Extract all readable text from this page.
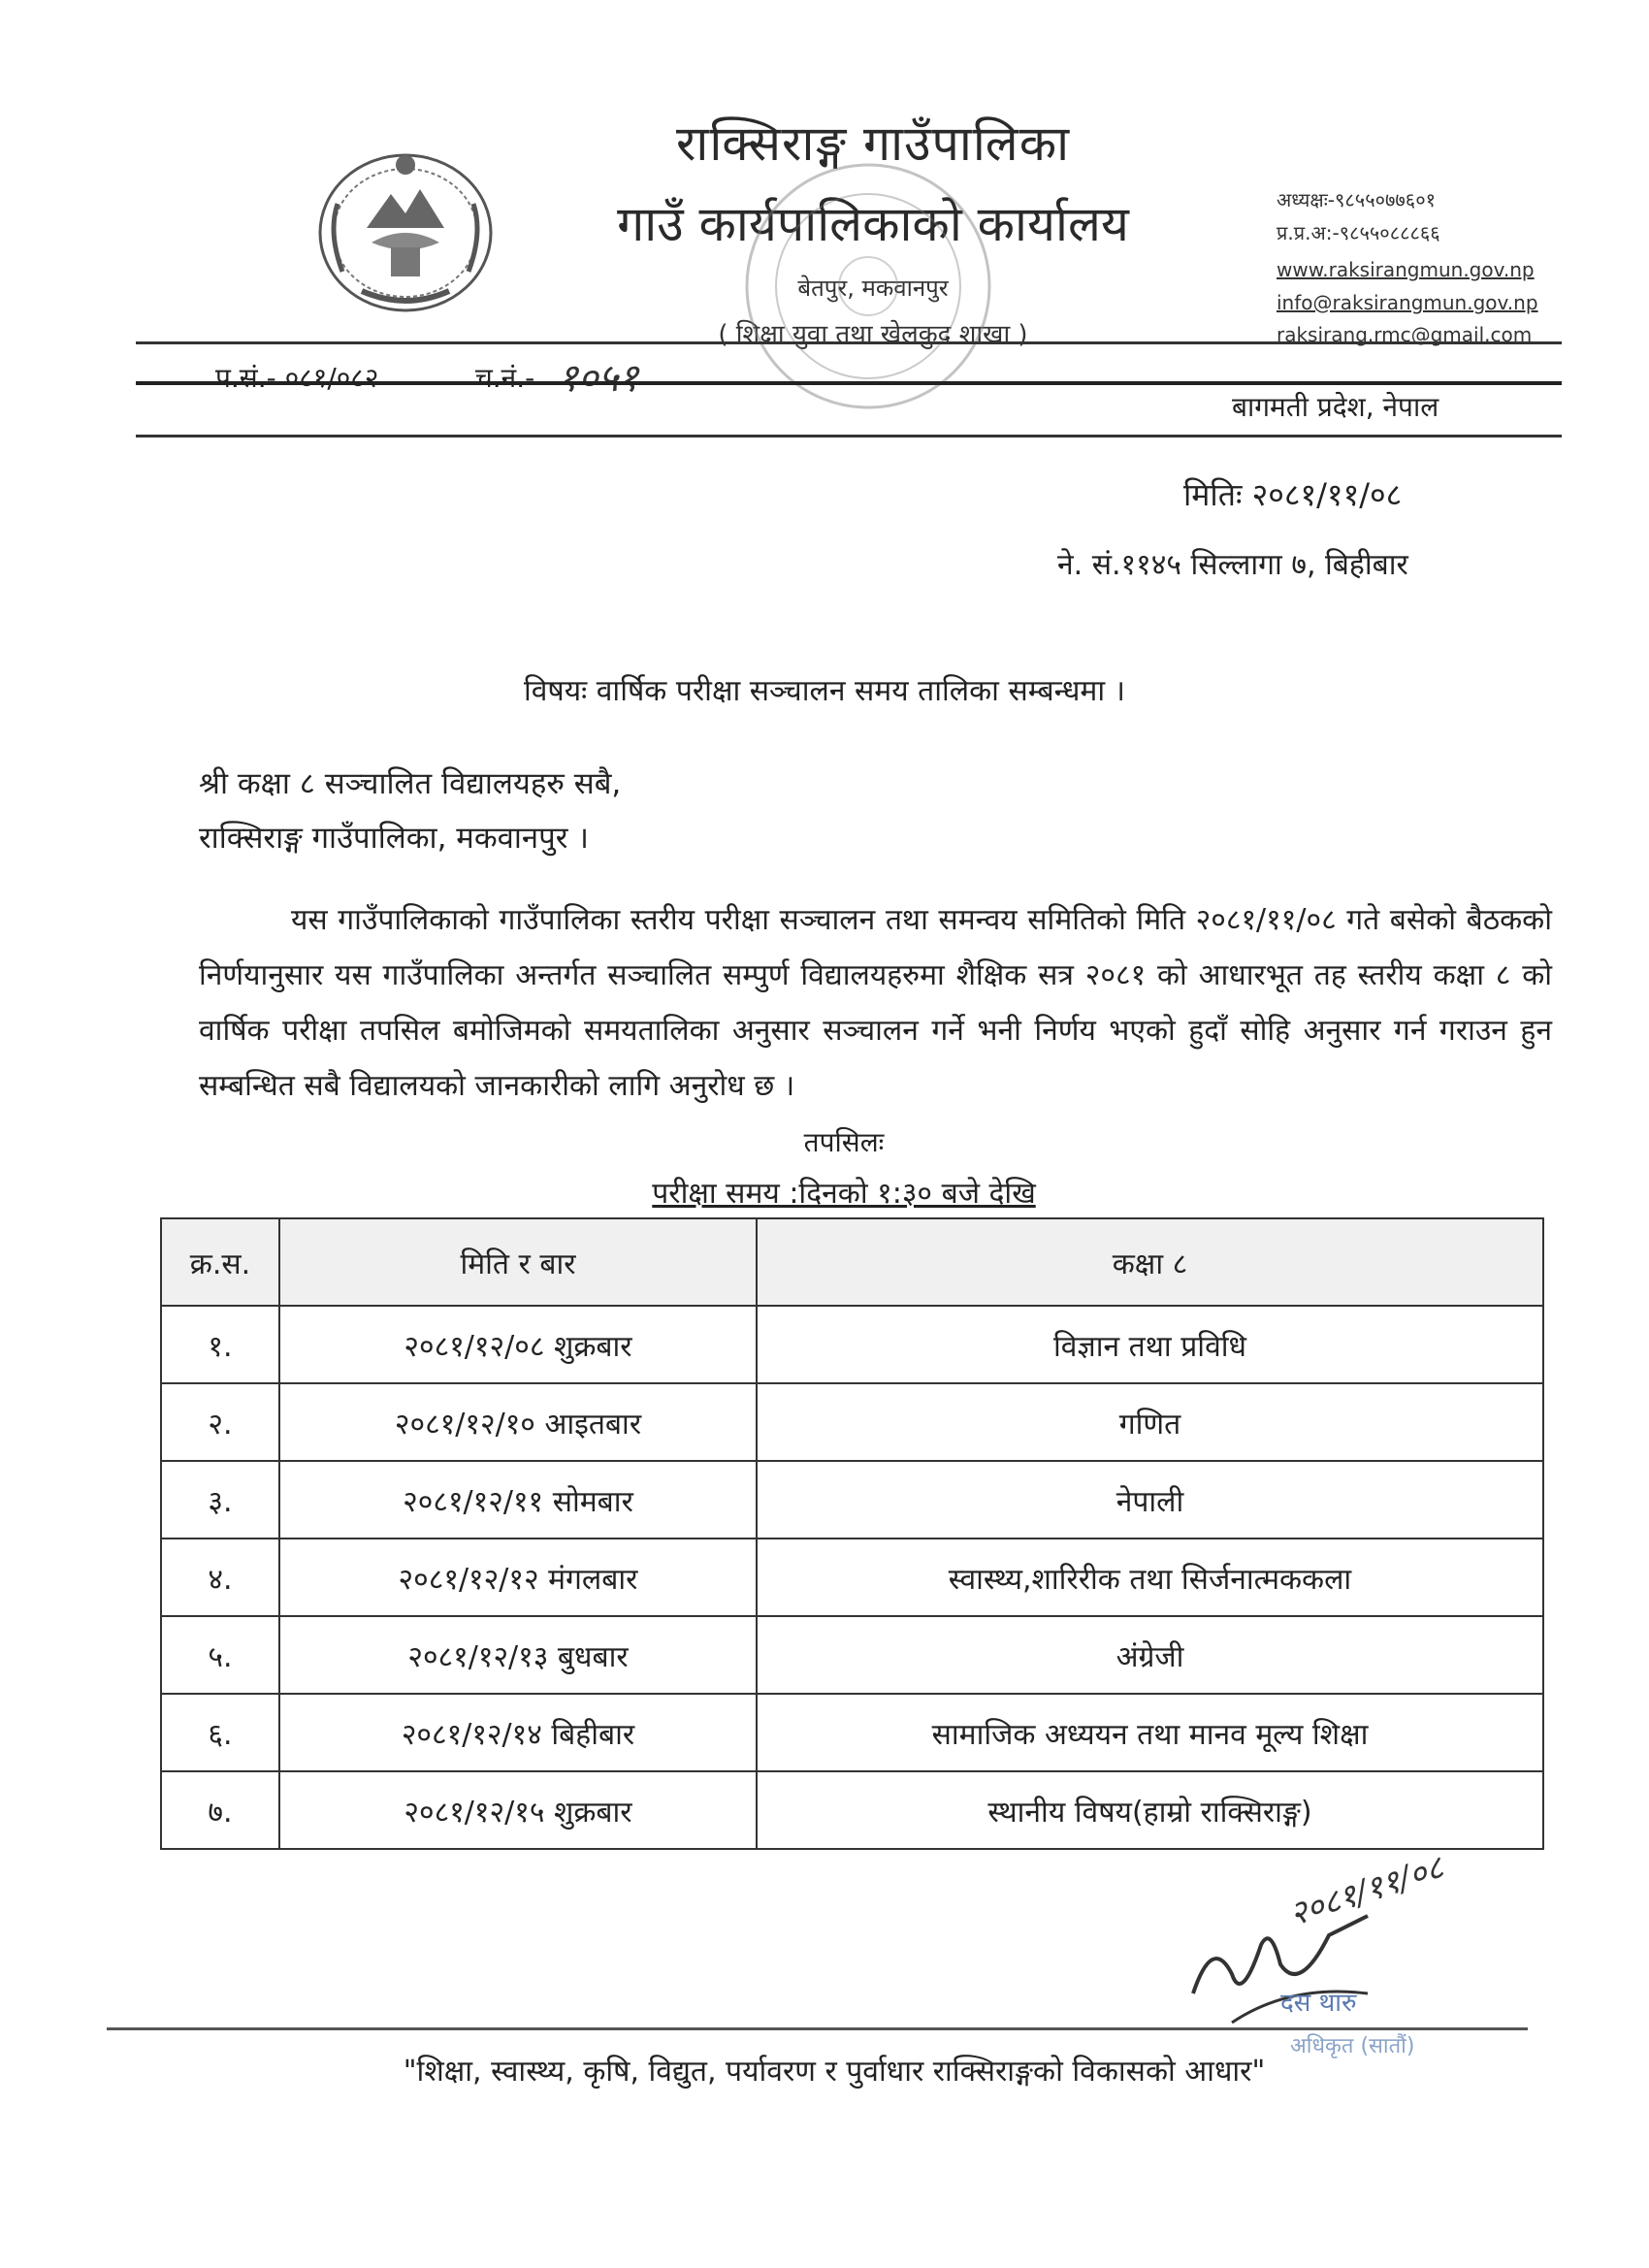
राक्सिराङ्ग गाउँपालिका
गाउँ कार्यपालिकाको कार्यालय
बेतपुर, मकवानपुर
( शिक्षा युवा तथा खेलकुद शाखा )
अध्यक्षः-९८५५०७७६०१
प्र.प्र.अ:-९८५५०८८८६६
www.raksirangmun.gov.np
info@raksirangmun.gov.np
raksirang.rmc@gmail.com
प.सं.- ०८१/०८२	च.नं.- १०५१
बागमती प्रदेश, नेपाल
मितिः २०८१/११/०८
ने. सं.११४५ सिल्लागा ७, बिहीबार
विषयः वार्षिक परीक्षा सञ्चालन समय तालिका सम्बन्धमा ।
श्री कक्षा ८ सञ्चालित विद्यालयहरु सबै,
राक्सिराङ्ग गाउँपालिका, मकवानपुर ।
यस गाउँपालिकाको गाउँपालिका स्तरीय परीक्षा सञ्चालन तथा समन्वय समितिको मिति २०८१/११/०८ गते बसेको बैठकको निर्णयानुसार यस गाउँपालिका अन्तर्गत सञ्चालित सम्पुर्ण विद्यालयहरुमा शैक्षिक सत्र २०८१ को आधारभूत तह स्तरीय कक्षा ८ को वार्षिक परीक्षा तपसिल बमोजिमको समयतालिका अनुसार सञ्चालन गर्ने भनी निर्णय भएको हुदाँ सोहि अनुसार गर्न गराउन हुन सम्बन्धित सबै विद्यालयको जानकारीको लागि अनुरोध छ ।
तपसिलः
परीक्षा समय :दिनको १:३० बजे देखि
क्र.स.	मिति र बार	कक्षा ८
१.	२०८१/१२/०८ शुक्रबार	विज्ञान तथा प्रविधि
२.	२०८१/१२/१० आइतबार	गणित
३.	२०८१/१२/११ सोमबार	नेपाली
४.	२०८१/१२/१२ मंगलबार	स्वास्थ्य,शारिरीक तथा सिर्जनात्मककला
५.	२०८१/१२/१३ बुधबार	अंग्रेजी
६.	२०८१/१२/१४ बिहीबार	सामाजिक अध्ययन तथा मानव मूल्य शिक्षा
७.	२०८१/१२/१५ शुक्रबार	स्थानीय विषय(हाम्रो राक्सिराङ्ग)
२०८१/११/०८
दस थारु
अधिकृत (सातौं)
"शिक्षा, स्वास्थ्य, कृषि, विद्युत, पर्यावरण र पुर्वाधार राक्सिराङ्गको विकासको आधार"
